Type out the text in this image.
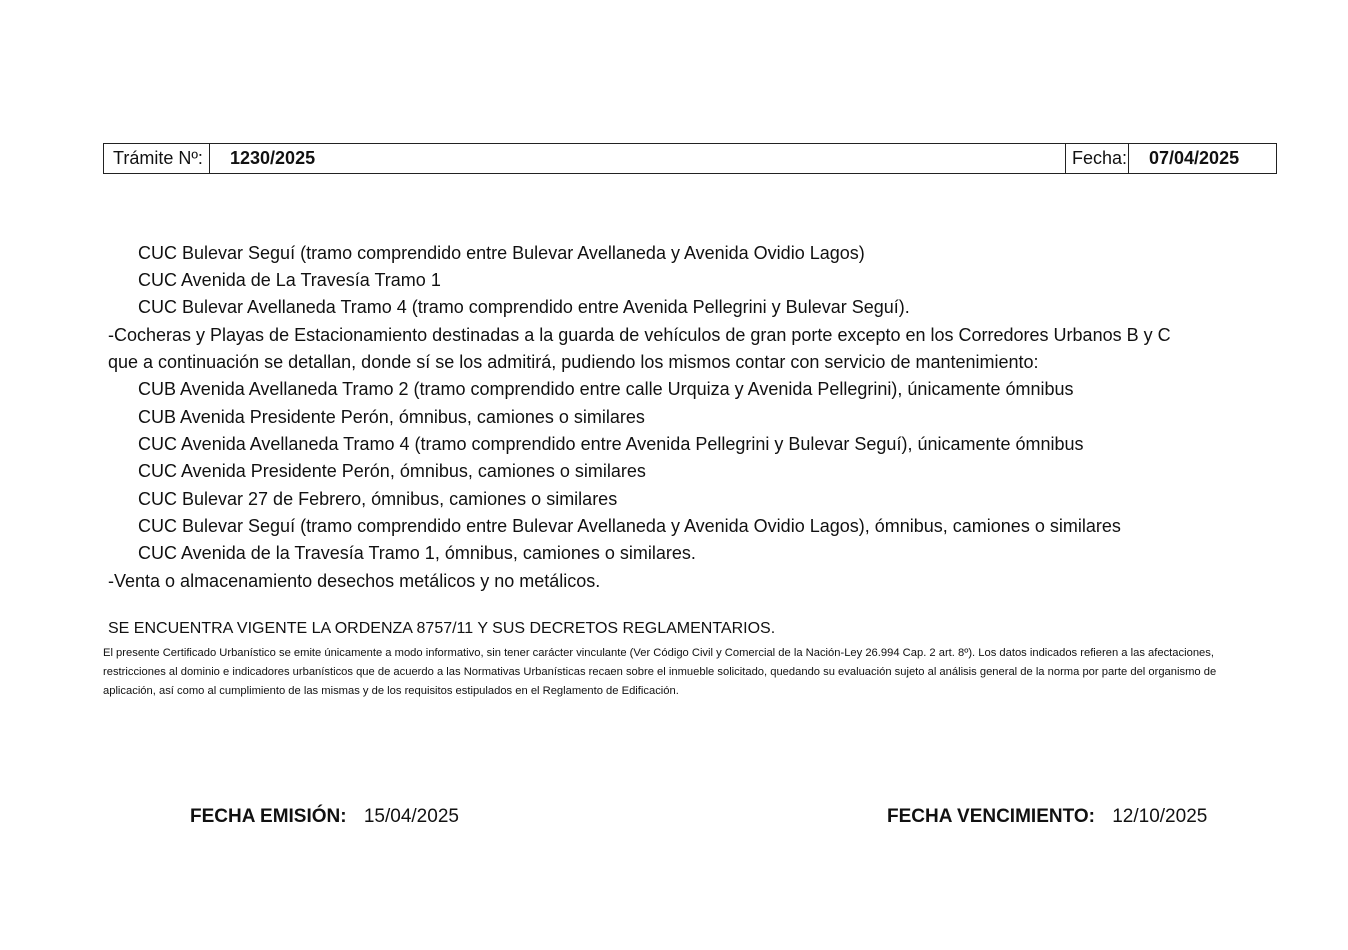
Trámite Nº:	1230/2025	Fecha:	07/04/2025
CUC Bulevar Seguí (tramo comprendido entre Bulevar Avellaneda y Avenida Ovidio Lagos)
CUC Avenida de La Travesía Tramo 1
CUC Bulevar Avellaneda Tramo 4 (tramo comprendido entre Avenida Pellegrini y Bulevar Seguí).
-Cocheras y Playas de Estacionamiento destinadas a la guarda de vehículos de gran porte excepto en los Corredores Urbanos B y C
que a continuación se detallan, donde sí se los admitirá, pudiendo los mismos contar con servicio de mantenimiento:
CUB Avenida Avellaneda Tramo 2 (tramo comprendido entre calle Urquiza y Avenida Pellegrini), únicamente ómnibus
CUB Avenida Presidente Perón, ómnibus, camiones o similares
CUC Avenida Avellaneda Tramo 4 (tramo comprendido entre Avenida Pellegrini y Bulevar Seguí), únicamente ómnibus
CUC Avenida Presidente Perón, ómnibus, camiones o similares
CUC Bulevar 27 de Febrero, ómnibus, camiones o similares
CUC Bulevar Seguí (tramo comprendido entre Bulevar Avellaneda y Avenida Ovidio Lagos), ómnibus, camiones o similares
CUC Avenida de la Travesía Tramo 1, ómnibus, camiones o similares.
-Venta o almacenamiento desechos metálicos y no metálicos.
SE ENCUENTRA VIGENTE LA ORDENZA 8757/11 Y SUS DECRETOS REGLAMENTARIOS.
El presente Certificado Urbanístico se emite únicamente a modo informativo, sin tener carácter vinculante (Ver Código Civil y Comercial de la Nación-Ley 26.994 Cap. 2 art. 8º). Los datos indicados refieren a las afectaciones, restricciones al dominio e indicadores urbanísticos que de acuerdo a las Normativas Urbanísticas recaen sobre el inmueble solicitado, quedando su evaluación sujeto al análisis general de la norma por parte del organismo de aplicación, así como al cumplimiento de las mismas y de los requisitos estipulados en el Reglamento de Edificación.
FECHA EMISIÓN: 15/04/2025	FECHA VENCIMIENTO: 12/10/2025
